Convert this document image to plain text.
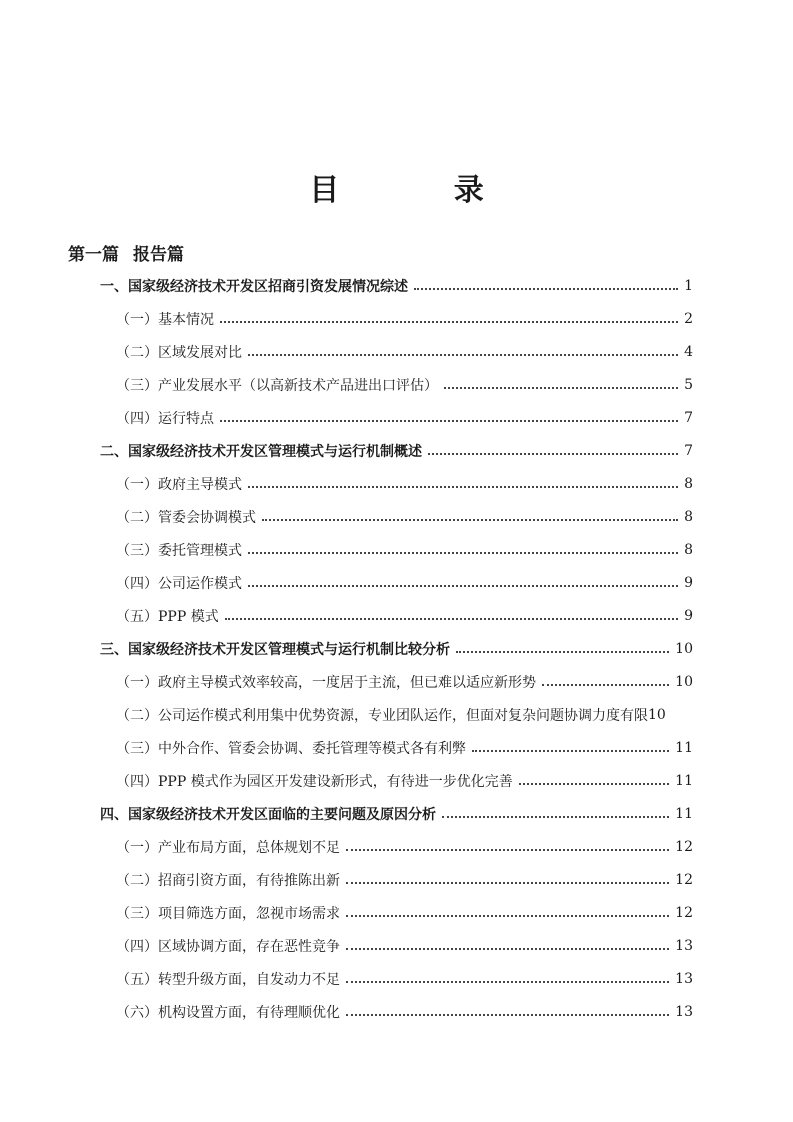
目 录
第一篇 报告篇
一、国家级经济技术开发区招商引资发展情况综述	1
（一）基本情况	2
（二）区域发展对比	4
（三）产业发展水平（以高新技术产品进出口评估）	5
（四）运行特点	7
二、国家级经济技术开发区管理模式与运行机制概述	7
（一）政府主导模式	8
（二）管委会协调模式	8
（三）委托管理模式	8
（四）公司运作模式	9
（五）PPP 模式	9
三、国家级经济技术开发区管理模式与运行机制比较分析	10
（一）政府主导模式效率较高，一度居于主流，但已难以适应新形势	10
（二）公司运作模式利用集中优势资源，专业团队运作，但面对复杂问题协调力度有限 10
（三）中外合作、管委会协调、委托管理等模式各有利弊	11
（四）PPP 模式作为园区开发建设新形式，有待进一步优化完善	11
四、国家级经济技术开发区面临的主要问题及原因分析	11
（一）产业布局方面，总体规划不足	12
（二）招商引资方面，有待推陈出新	12
（三）项目筛选方面，忽视市场需求	12
（四）区域协调方面，存在恶性竞争	13
（五）转型升级方面，自发动力不足	13
（六）机构设置方面，有待理顺优化	13
